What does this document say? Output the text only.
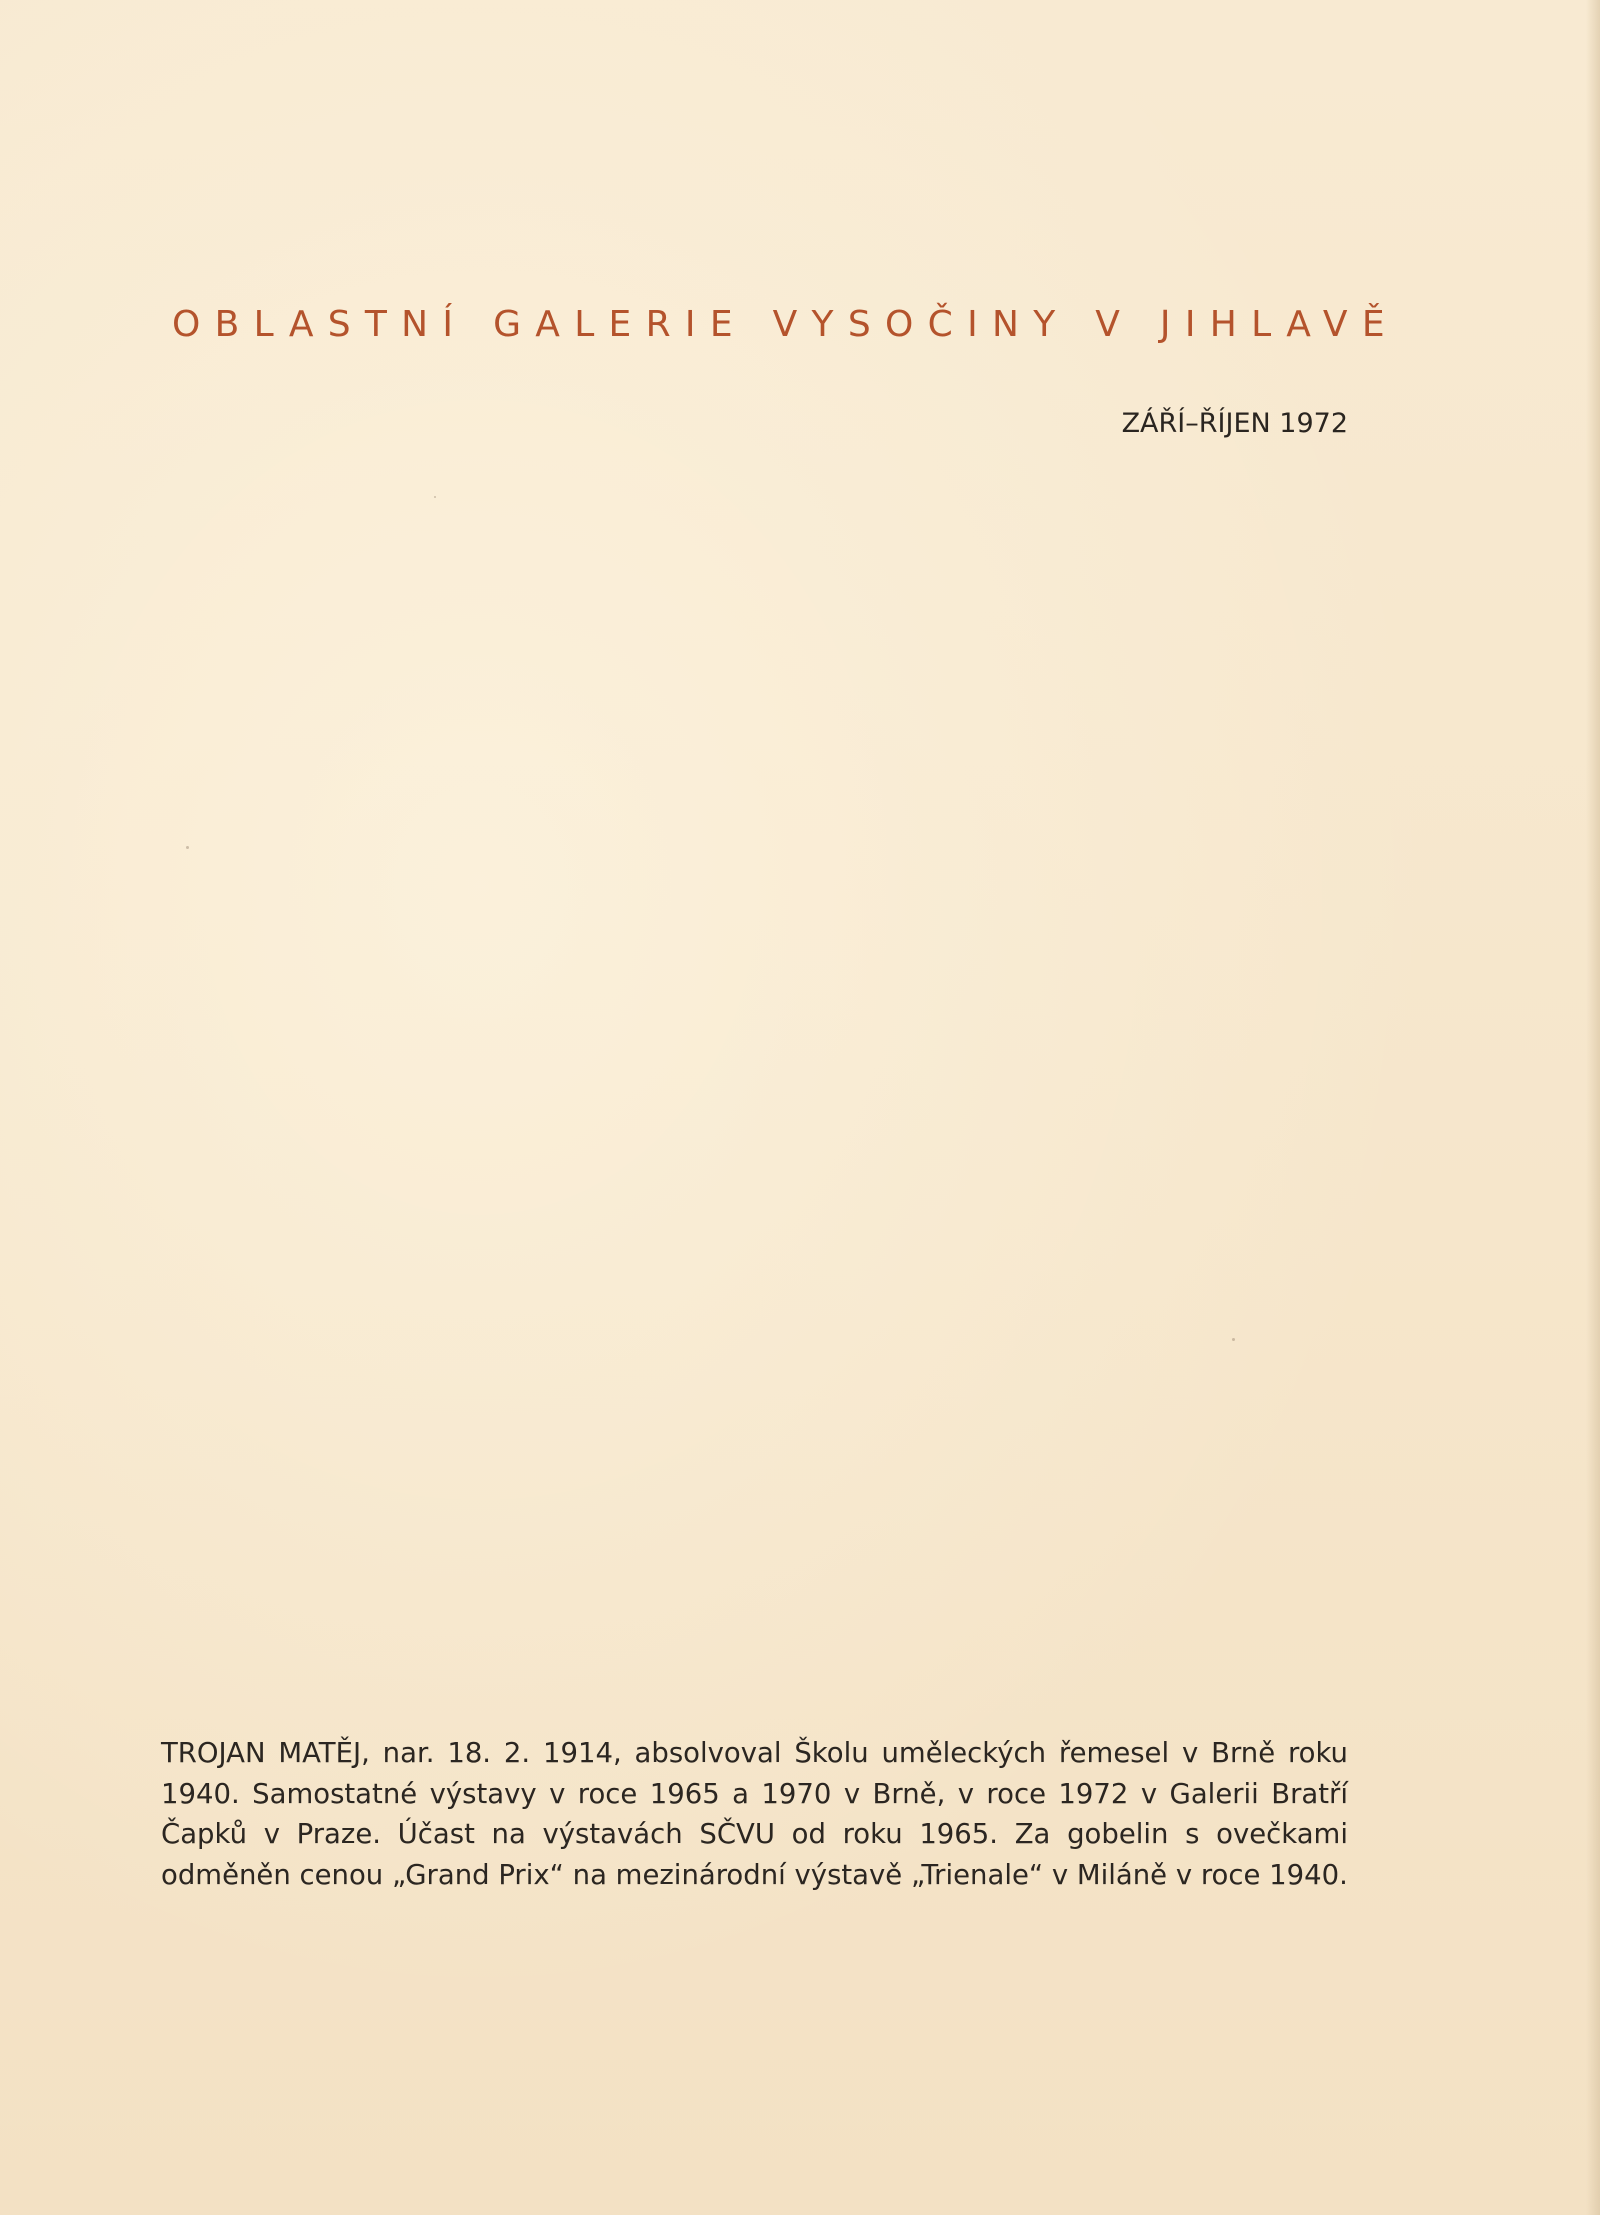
OBLASTNÍ GALERIE VYSOČINY V JIHLAVĚ
ZÁŘÍ–ŘÍJEN 1972

TROJAN MATĚJ, nar. 18. 2. 1914, absolvoval Školu uměleckých řemesel v Brně roku 1940. Samostatné výstavy v roce 1965 a 1970 v Brně, v roce 1972 v Galerii Bratří Čapků v Praze. Účast na výstavách SČVU od roku 1965. Za gobelin s ovečkami odměněn cenou „Grand Prix“ na mezinárodní výstavě „Trienale“ v Miláně v roce 1940.
